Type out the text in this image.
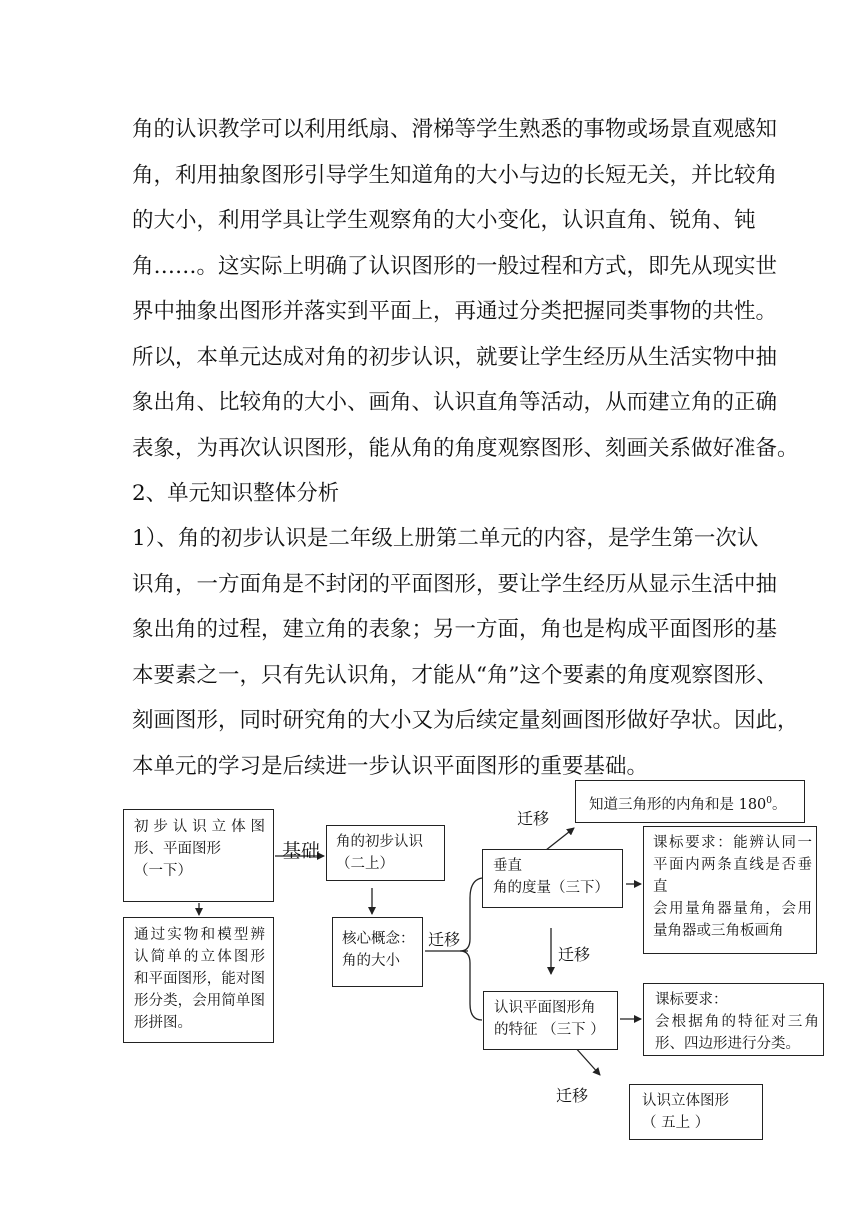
角的认识教学可以利用纸扇、滑梯等学生熟悉的事物或场景直观感知
角，利用抽象图形引导学生知道角的大小与边的长短无关，并比较角
的大小，利用学具让学生观察角的大小变化，认识直角、锐角、钝
角……。这实际上明确了认识图形的一般过程和方式，即先从现实世
界中抽象出图形并落实到平面上，再通过分类把握同类事物的共性。
所以，本单元达成对角的初步认识，就要让学生经历从生活实物中抽
象出角、比较角的大小、画角、认识直角等活动，从而建立角的正确
表象，为再次认识图形，能从角的角度观察图形、刻画关系做好准备。
2、单元知识整体分析
1）、角的初步认识是二年级上册第二单元的内容，是学生第一次认
识角，一方面角是不封闭的平面图形，要让学生经历从显示生活中抽
象出角的过程，建立角的表象；另一方面，角也是构成平面图形的基
本要素之一，只有先认识角，才能从“角”这个要素的角度观察图形、
刻画图形，同时研究角的大小又为后续定量刻画图形做好孕状。因此，
本单元的学习是后续进一步认识平面图形的重要基础。
初步认识立体图
形、平面图形
（一下）
通过实物和模型辨
认简单的立体图形
和平面图形，能对图
形分类，会用简单图
形拼图。
基础 角的初步认识
（二上）
核心概念：
角的大小
迁移
迁移
知道三角形的内角和是 $180^0$。
垂直
角的度量（三下）
课标要求：能辨认同一
平面内两条直线是否垂
直
会用量角器量角，会用
量角器或三角板画角
迁移
认识平面图形角
的特征 （三下 ）
课标要求：
会根据角的特征对三角
形、四边形进行分类。
迁移	认识立体图形
（ 五上 ）
